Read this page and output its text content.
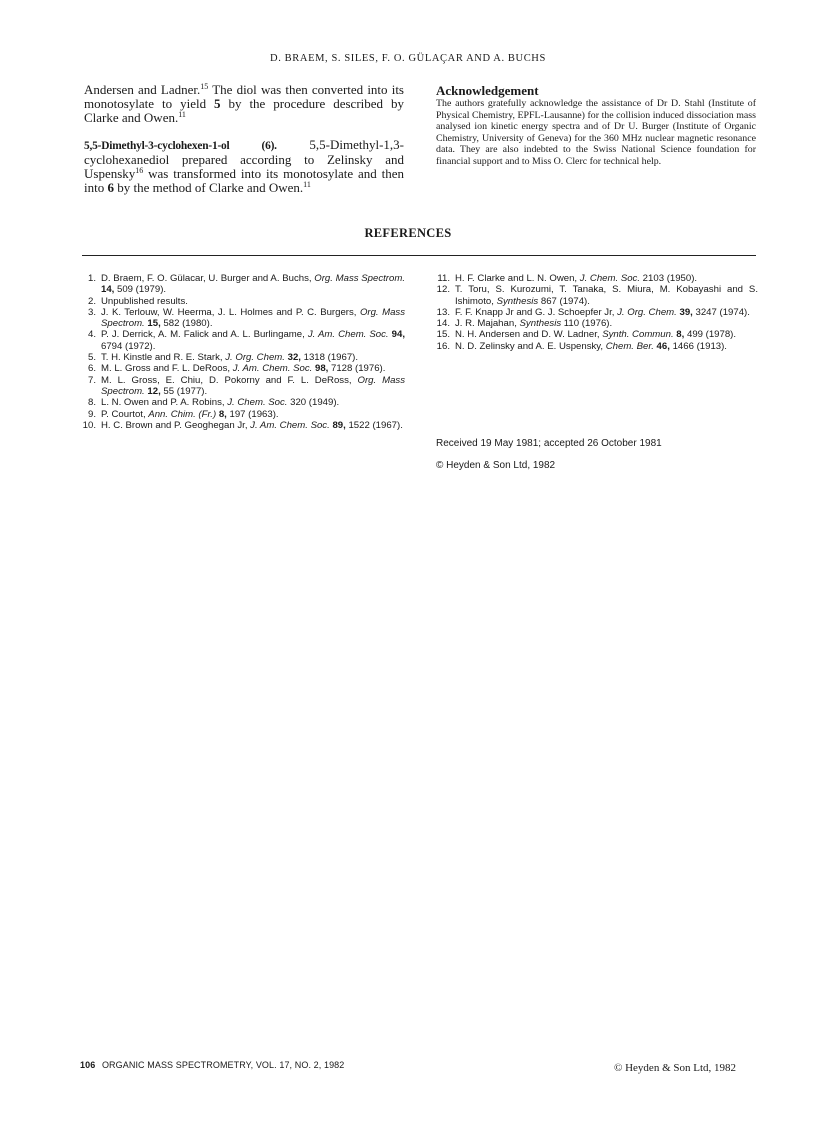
D. BRAEM, S. SILES, F. O. GÜLAÇAR AND A. BUCHS

Andersen and Ladner.$^{15}$ The diol was then converted into its monotosylate to yield 5 by the procedure described by Clarke and Owen.$^{11}$

5,5-Dimethyl-3-cyclohexen-1-ol (6). 5,5-Dimethyl-1,3-cyclohexanediol prepared according to Zelinsky and Uspensky$^{16}$ was transformed into its monotosylate and then into 6 by the method of Clarke and Owen.$^{11}$

Acknowledgement

The authors gratefully acknowledge the assistance of Dr D. Stahl (Institute of Physical Chemistry, EPFL-Lausanne) for the collision induced dissociation mass analysed ion kinetic energy spectra and of Dr U. Burger (Institute of Organic Chemistry, University of Geneva) for the 360 MHz nuclear magnetic resonance data. They are also indebted to the Swiss National Science foundation for financial support and to Miss O. Clerc for technical help.

REFERENCES
1. D. Braem, F. O. Gülacar, U. Burger and A. Buchs, Org. Mass Spectrom. 14, 509 (1979).
2. Unpublished results.
3. J. K. Terlouw, W. Heerma, J. L. Holmes and P. C. Burgers, Org. Mass Spectrom. 15, 582 (1980).
4. P. J. Derrick, A. M. Falick and A. L. Burlingame, J. Am. Chem. Soc. 94, 6794 (1972).
5. T. H. Kinstle and R. E. Stark, J. Org. Chem. 32, 1318 (1967).
6. M. L. Gross and F. L. DeRoos, J. Am. Chem. Soc. 98, 7128 (1976).
7. M. L. Gross, E. Chiu, D. Pokorny and F. L. DeRoss, Org. Mass Spectrom. 12, 55 (1977).
8. L. N. Owen and P. A. Robins, J. Chem. Soc. 320 (1949).
9. P. Courtot, Ann. Chim. (Fr.) 8, 197 (1963).
10. H. C. Brown and P. Geoghegan Jr, J. Am. Chem. Soc. 89, 1522 (1967).
11. H. F. Clarke and L. N. Owen, J. Chem. Soc. 2103 (1950).
12. T. Toru, S. Kurozumi, T. Tanaka, S. Miura, M. Kobayashi and S. Ishimoto, Synthesis 867 (1974).
13. F. F. Knapp Jr and G. J. Schoepfer Jr, J. Org. Chem. 39, 3247 (1974).
14. J. R. Majahan, Synthesis 110 (1976).
15. N. H. Andersen and D. W. Ladner, Synth. Commun. 8, 499 (1978).
16. N. D. Zelinsky and A. E. Uspensky, Chem. Ber. 46, 1466 (1913).
Received 19 May 1981; accepted 26 October 1981
© Heyden & Son Ltd, 1982
106 ORGANIC MASS SPECTROMETRY, VOL. 17, NO. 2, 1982	© Heyden & Son Ltd, 1982
